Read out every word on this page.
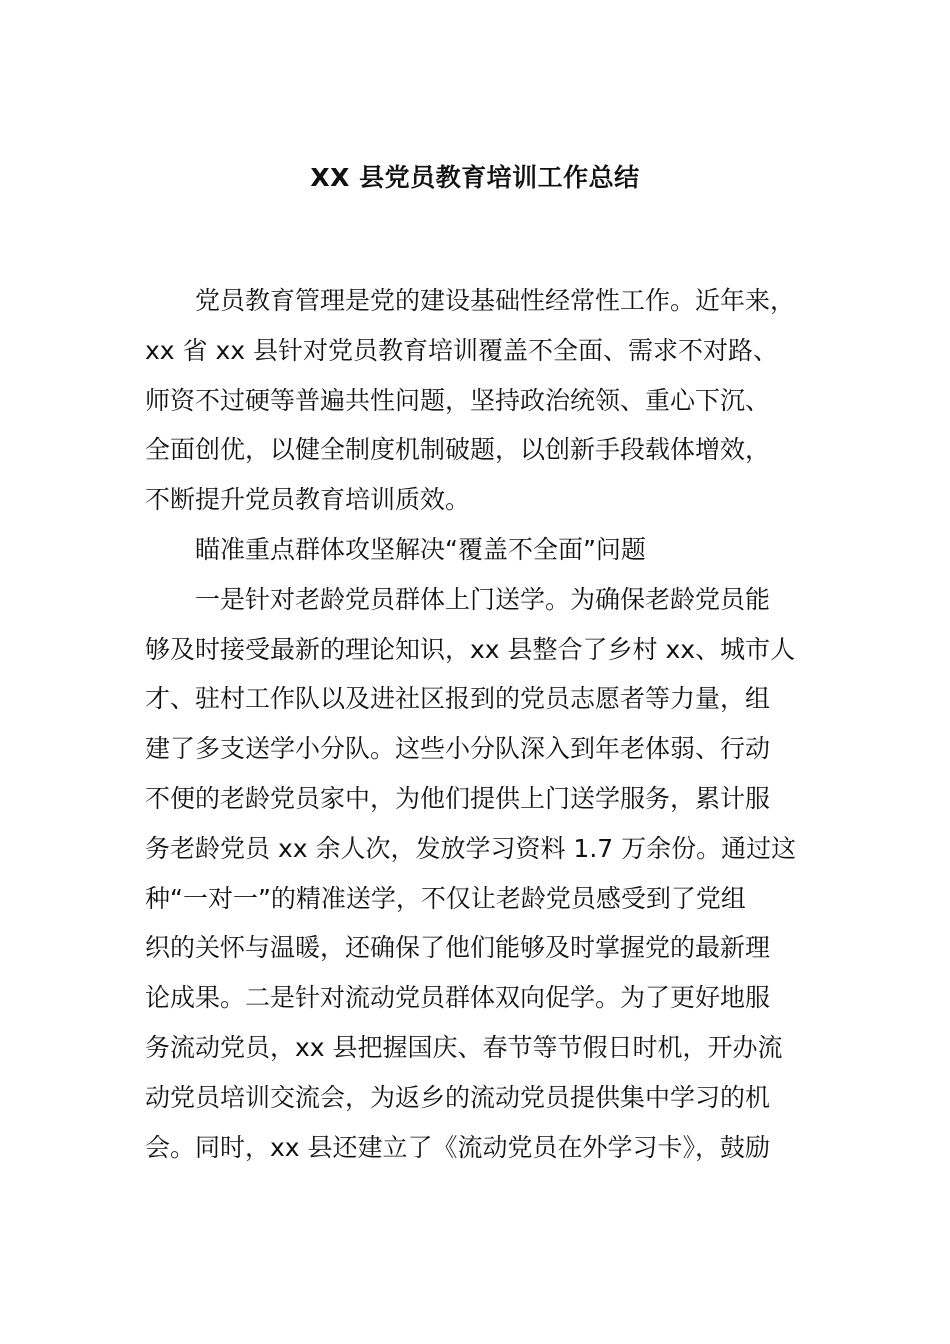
XX 县党员教育培训工作总结
党员教育管理是党的建设基础性经常性工作。近年来，
xx 省 xx 县针对党员教育培训覆盖不全面、需求不对路、
师资不过硬等普遍共性问题，坚持政治统领、重心下沉、
全面创优，以健全制度机制破题，以创新手段载体增效，
不断提升党员教育培训质效。
瞄准重点群体攻坚解决“覆盖不全面”问题
一是针对老龄党员群体上门送学。为确保老龄党员能
够及时接受最新的理论知识，xx 县整合了乡村 xx、城市人
才、驻村工作队以及进社区报到的党员志愿者等力量，组
建了多支送学小分队。这些小分队深入到年老体弱、行动
不便的老龄党员家中，为他们提供上门送学服务，累计服
务老龄党员 xx 余人次，发放学习资料 1.7 万余份。通过这
种“一对一”的精准送学，不仅让老龄党员感受到了党组
织的关怀与温暖，还确保了他们能够及时掌握党的最新理
论成果。二是针对流动党员群体双向促学。为了更好地服
务流动党员，xx 县把握国庆、春节等节假日时机，开办流
动党员培训交流会，为返乡的流动党员提供集中学习的机
会。同时，xx 县还建立了《流动党员在外学习卡》，鼓励
